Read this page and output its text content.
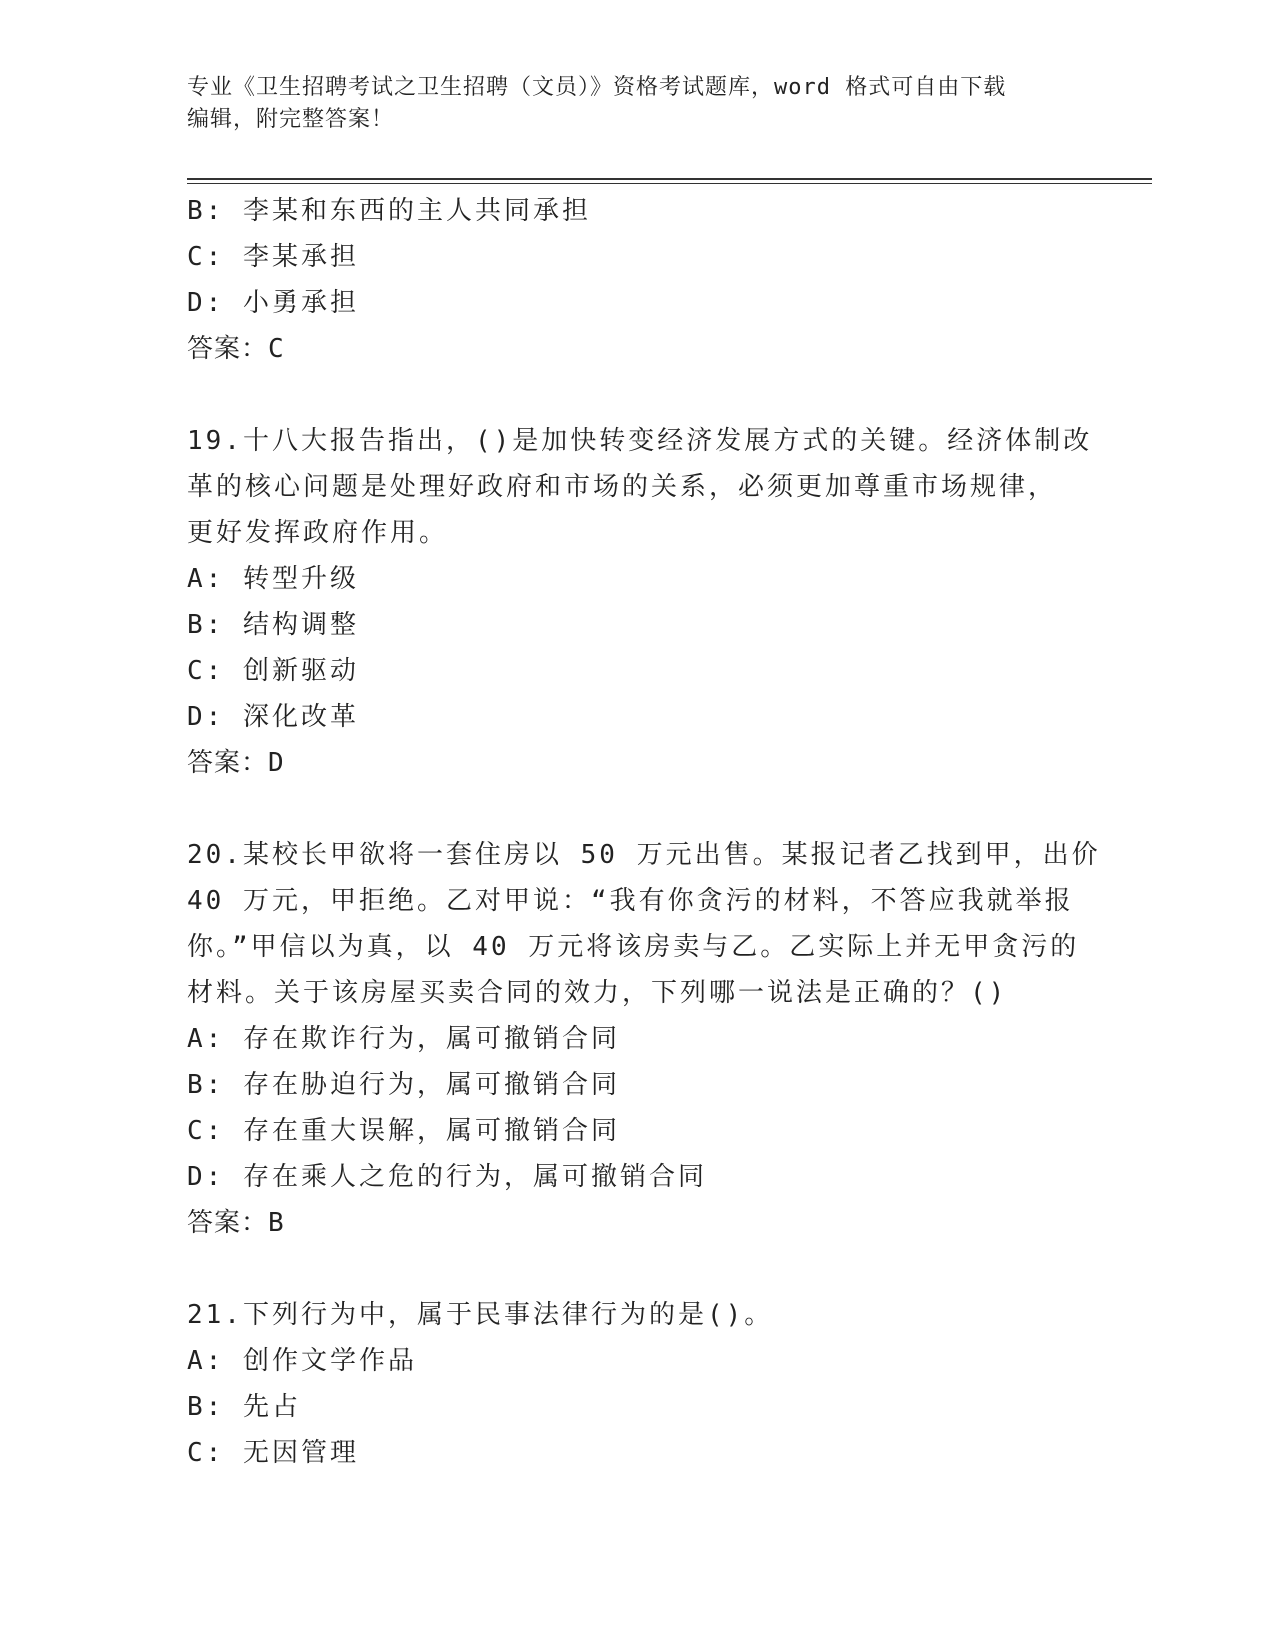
专业《卫生招聘考试之卫生招聘（文员）》资格考试题库，word 格式可自由下载
编辑，附完整答案！
B: 李某和东西的主人共同承担
C: 李某承担
D: 小勇承担
答案：C
19.十八大报告指出，()是加快转变经济发展方式的关键。经济体制改
革的核心问题是处理好政府和市场的关系，必须更加尊重市场规律，
更好发挥政府作用。
A: 转型升级
B: 结构调整
C: 创新驱动
D: 深化改革
答案：D
20.某校长甲欲将一套住房以 50 万元出售。某报记者乙找到甲，出价
40 万元，甲拒绝。乙对甲说：“我有你贪污的材料，不答应我就举报
你。”甲信以为真，以 40 万元将该房卖与乙。乙实际上并无甲贪污的
材料。关于该房屋买卖合同的效力，下列哪一说法是正确的？()
A: 存在欺诈行为，属可撤销合同
B: 存在胁迫行为，属可撤销合同
C: 存在重大误解，属可撤销合同
D: 存在乘人之危的行为，属可撤销合同
答案：B
21.下列行为中，属于民事法律行为的是()。
A: 创作文学作品
B: 先占
C: 无因管理
